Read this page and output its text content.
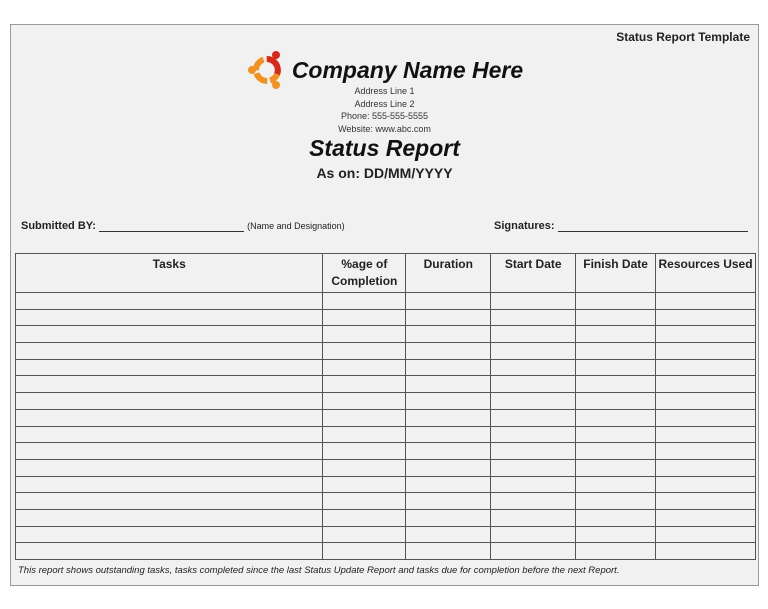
Status Report Template
Company Name Here
Address Line 1
Address Line 2
Phone: 555-555-5555
Website: www.abc.com
Status Report
As on: DD/MM/YYYY
Submitted BY:	(Name and Designation)	Signatures:
Tasks	%age of Completion	Duration	Start Date	Finish Date	Resources Used

This report shows outstanding tasks, tasks completed since the last Status Update Report and tasks due for completion before the next Report.
